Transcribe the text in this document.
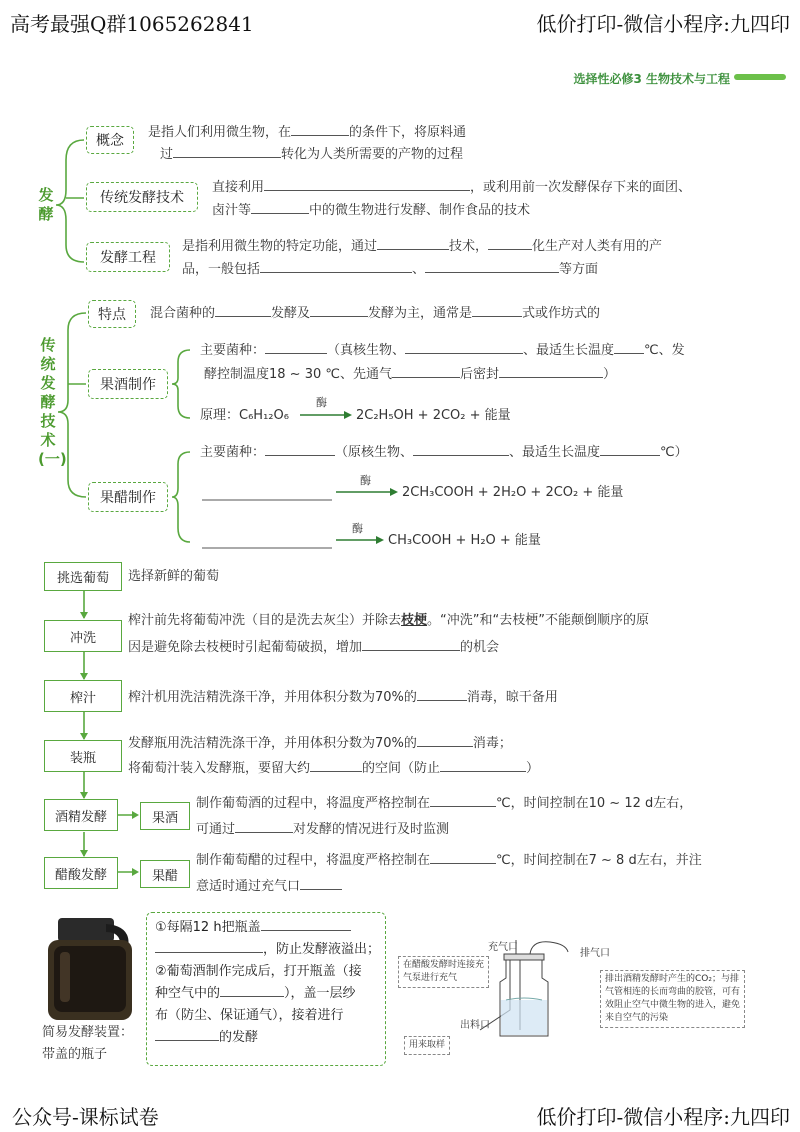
高考最强Q群1065262841	低价打印-微信小程序:九四印
选择性必修3 生物技术与工程
发酵
概念
是指人们利用微生物，在	的条件下，将原料通
过	转化为人类所需要的产物的过程
传统发酵技术
直接利用	，或利用前一次发酵保存下来的面团、
卤汁等	中的微生物进行发酵、制作食品的技术
发酵工程
是指利用微生物的特定功能，通过	技术，	化生产对人类有用的产
品，一般包括	、	等方面
传统发酵技术(一)
特点 混合菌种的	发酵及	发酵为主，通常是	式或作坊式的
果酒制作
主要菌种：	（真核生物、	、最适生长温度 ℃、发
酵控制温度18 ~ 30 ℃、先通气	后密封	）
原理：C₆H₁₂O₆
酶
2C₂H₅OH + 2CO₂ + 能量
果醋制作
主要菌种：	（原核生物、	、最适生长温度	℃）
酶
2CH₃COOH + 2H₂O + 2CO₂ + 能量
酶
CH₃COOH + H₂O + 能量
挑选葡萄 选择新鲜的葡萄
冲洗
榨汁前先将葡萄冲洗（目的是洗去灰尘）并除去枝梗。“冲洗”和“去枝梗”不能颠倒顺序的原
因是避免除去枝梗时引起葡萄破损，增加	的机会
榨汁 榨汁机用洗洁精洗涤干净，并用体积分数为70%的	消毒，晾干备用
装瓶
发酵瓶用洗洁精洗涤干净，并用体积分数为70%的	消毒；
将葡萄汁装入发酵瓶，要留大约	的空间（防止	）
酒精发酵	果酒
制作葡萄酒的过程中，将温度严格控制在	℃，时间控制在10 ~ 12 d左右，
可通过	对发酵的情况进行及时监测
醋酸发酵	果醋
制作葡萄醋的过程中，将温度严格控制在	℃，时间控制在7 ~ 8 d左右，并注
意适时通过充气口
简易发酵装置：
带盖的瓶子
①每隔12 h把瓶盖
，防止发酵液溢出；
②葡萄酒制作完成后，打开瓶盖（接
种空气中的	），盖一层纱
布（防尘、保证通气），接着进行
的发酵
充气口
排气口
出料口
在醋酸发酵时连接充
气泵进行充气
用来取样
排出酒精发酵时产生的CO₂；与排
气管相连的长而弯曲的胶管，可有
效阻止空气中微生物的进入，避免
来自空气的污染
公众号-课标试卷	低价打印-微信小程序:九四印
